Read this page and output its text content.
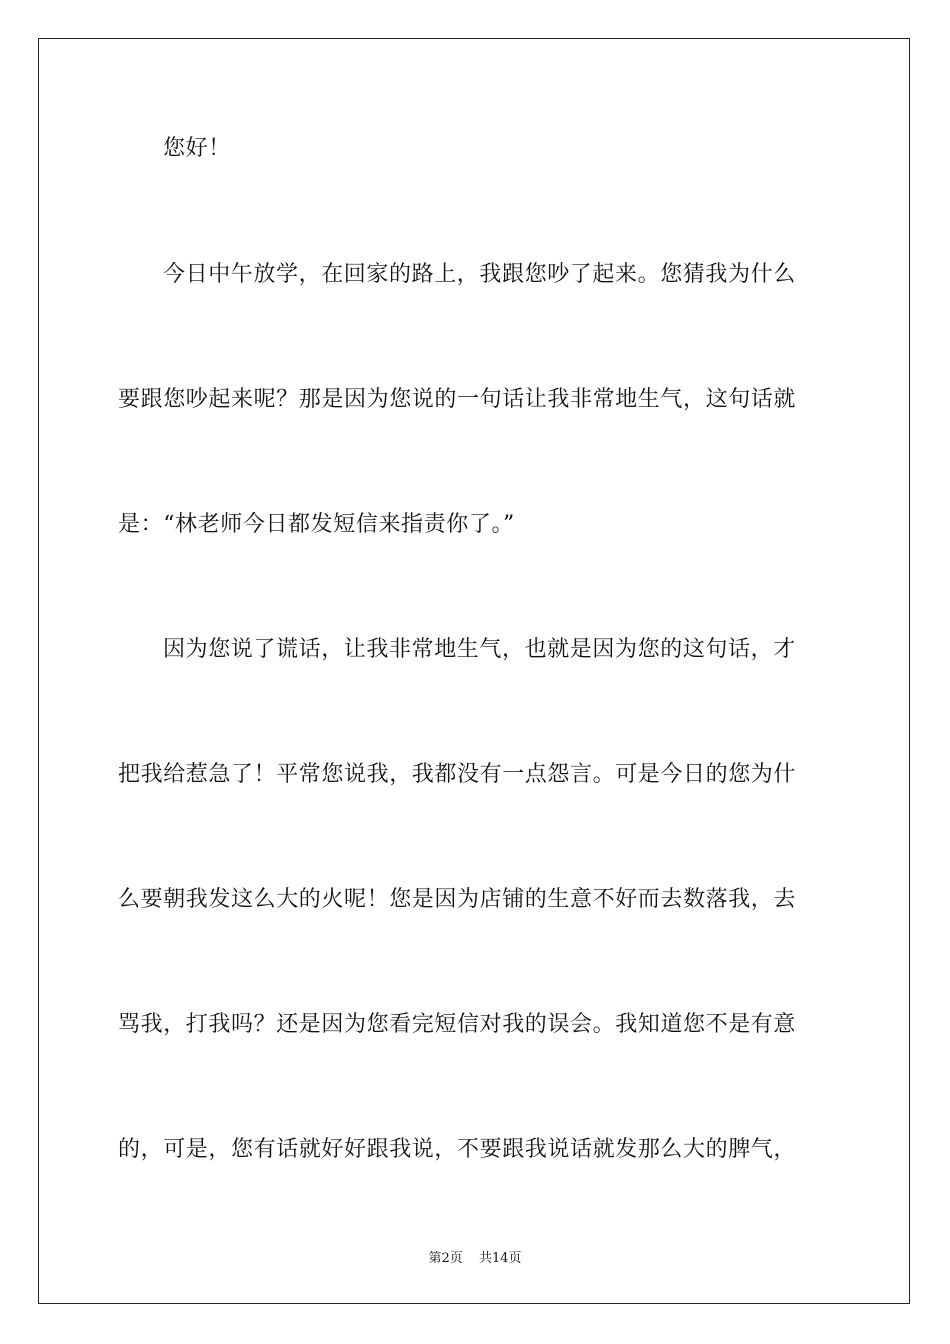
您好！
今日中午放学，在回家的路上，我跟您吵了起来。您猜我为什么
要跟您吵起来呢？那是因为您说的一句话让我非常地生气，这句话就
是：“林老师今日都发短信来指责你了。”
因为您说了谎话，让我非常地生气，也就是因为您的这句话，才
把我给惹急了！平常您说我，我都没有一点怨言。可是今日的您为什
么要朝我发这么大的火呢！您是因为店铺的生意不好而去数落我，去
骂我，打我吗？还是因为您看完短信对我的误会。我知道您不是有意
的，可是，您有话就好好跟我说，不要跟我说话就发那么大的脾气，
第2页 共14页
